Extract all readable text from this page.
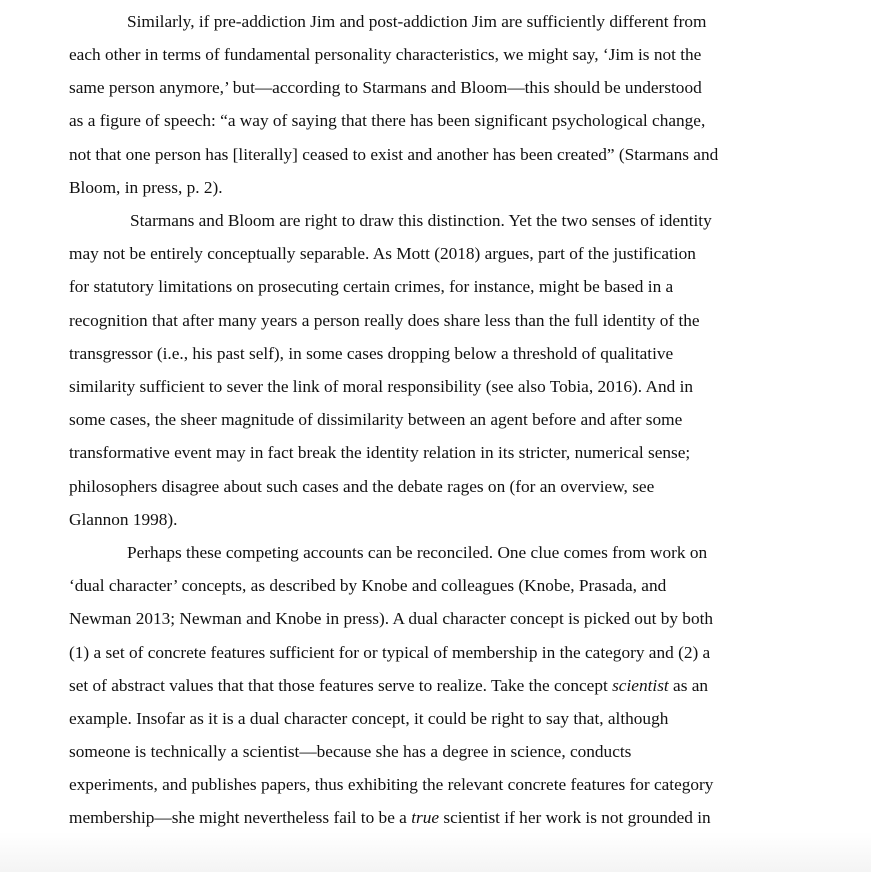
Similarly, if pre-addiction Jim and post-addiction Jim are sufficiently different from

each other in terms of fundamental personality characteristics, we might say, ‘Jim is not the

same person anymore,’ but—according to Starmans and Bloom—this should be understood

as a figure of speech: “a way of saying that there has been significant psychological change,

not that one person has [literally] ceased to exist and another has been created” (Starmans and

Bloom, in press, p. 2).

Starmans and Bloom are right to draw this distinction. Yet the two senses of identity

may not be entirely conceptually separable. As Mott (2018) argues, part of the justification

for statutory limitations on prosecuting certain crimes, for instance, might be based in a

recognition that after many years a person really does share less than the full identity of the

transgressor (i.e., his past self), in some cases dropping below a threshold of qualitative

similarity sufficient to sever the link of moral responsibility (see also Tobia, 2016). And in

some cases, the sheer magnitude of dissimilarity between an agent before and after some

transformative event may in fact break the identity relation in its stricter, numerical sense;

philosophers disagree about such cases and the debate rages on (for an overview, see

Glannon 1998).

Perhaps these competing accounts can be reconciled. One clue comes from work on

‘dual character’ concepts, as described by Knobe and colleagues (Knobe, Prasada, and

Newman 2013; Newman and Knobe in press). A dual character concept is picked out by both

(1) a set of concrete features sufficient for or typical of membership in the category and (2) a

set of abstract values that that those features serve to realize. Take the concept scientist as an

example. Insofar as it is a dual character concept, it could be right to say that, although

someone is technically a scientist—because she has a degree in science, conducts

experiments, and publishes papers, thus exhibiting the relevant concrete features for category

membership—she might nevertheless fail to be a true scientist if her work is not grounded in
